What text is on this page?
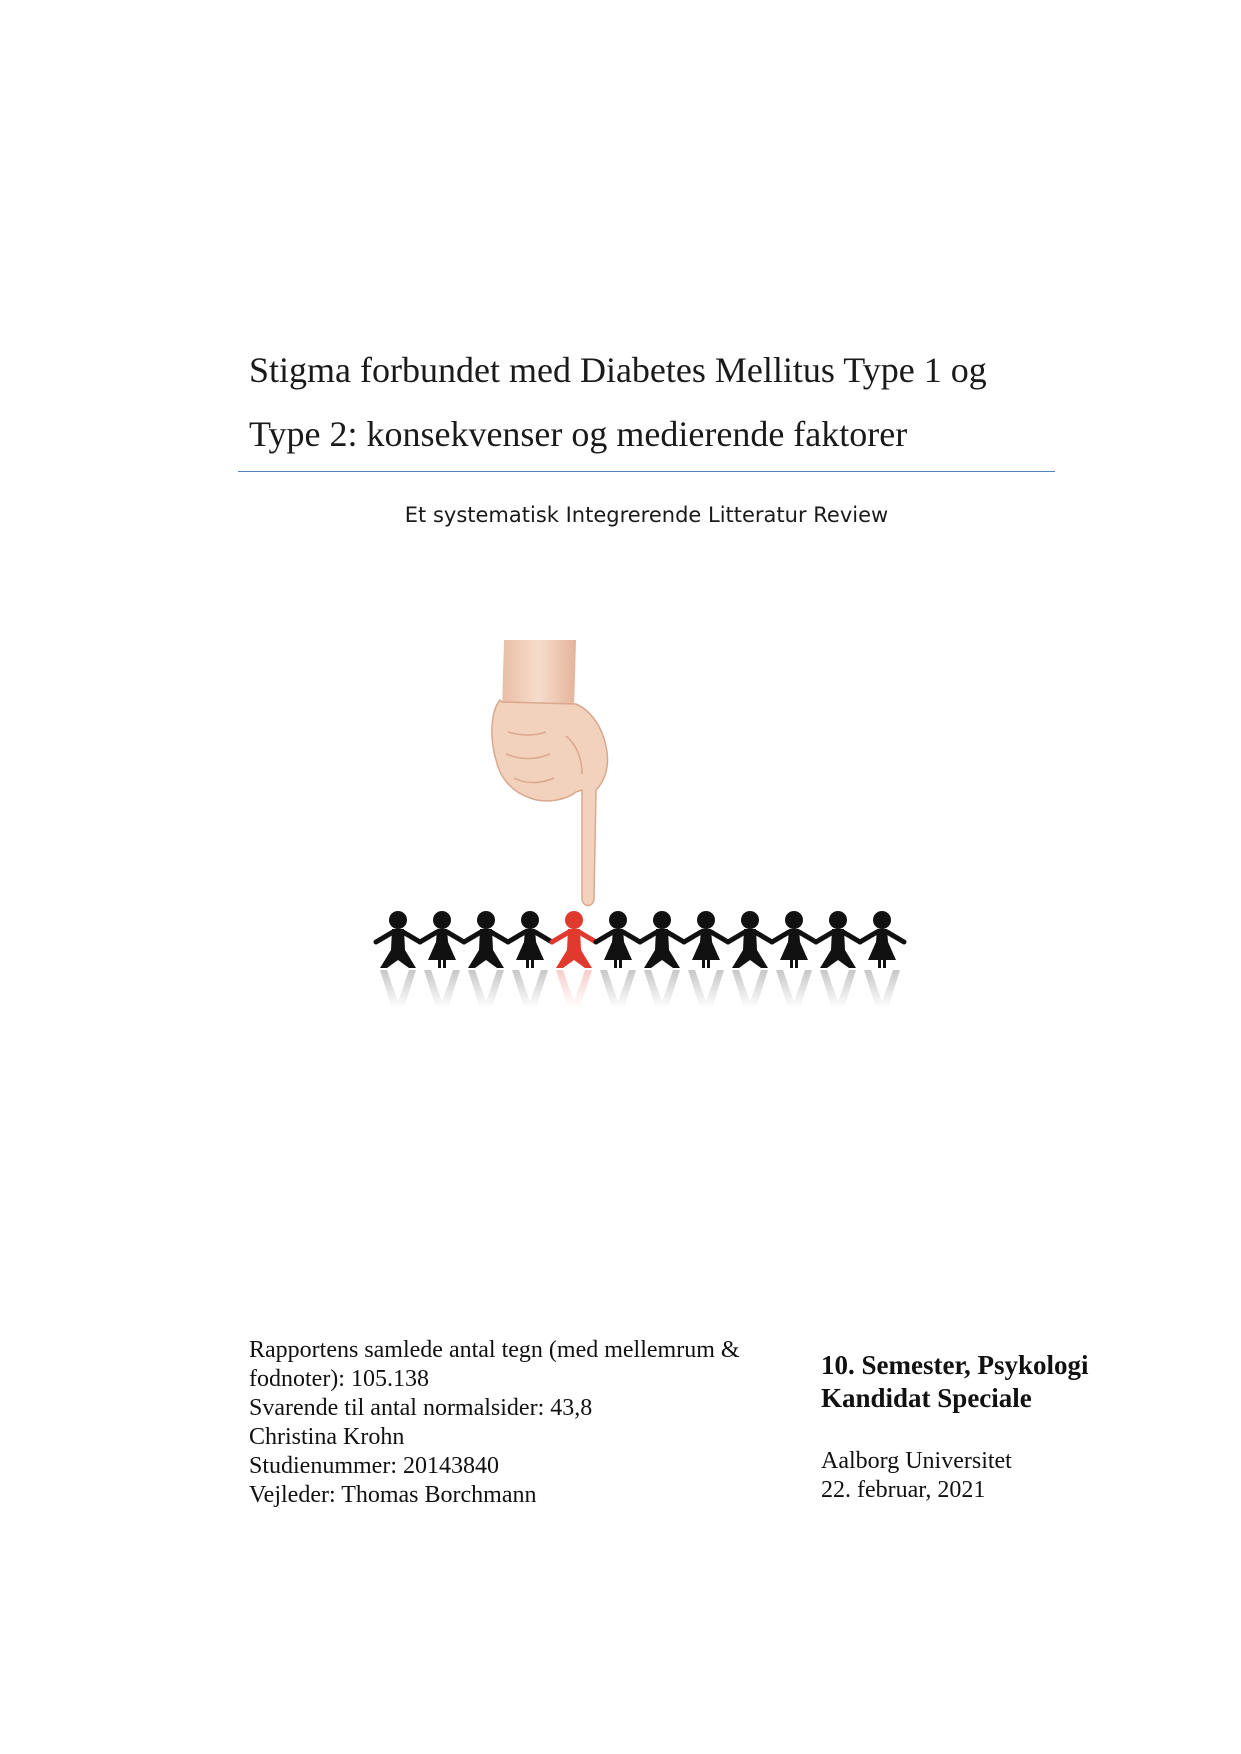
Stigma forbundet med Diabetes Mellitus Type 1 og
Type 2: konsekvenser og medierende faktorer
Et systematisk Integrerende Litteratur Review
Rapportens samlede antal tegn (med mellemrum &
fodnoter): 105.138
Svarende til antal normalsider: 43,8
Christina Krohn
Studienummer: 20143840
Vejleder: Thomas Borchmann
10. Semester, Psykologi
Kandidat Speciale
Aalborg Universitet
22. februar, 2021
